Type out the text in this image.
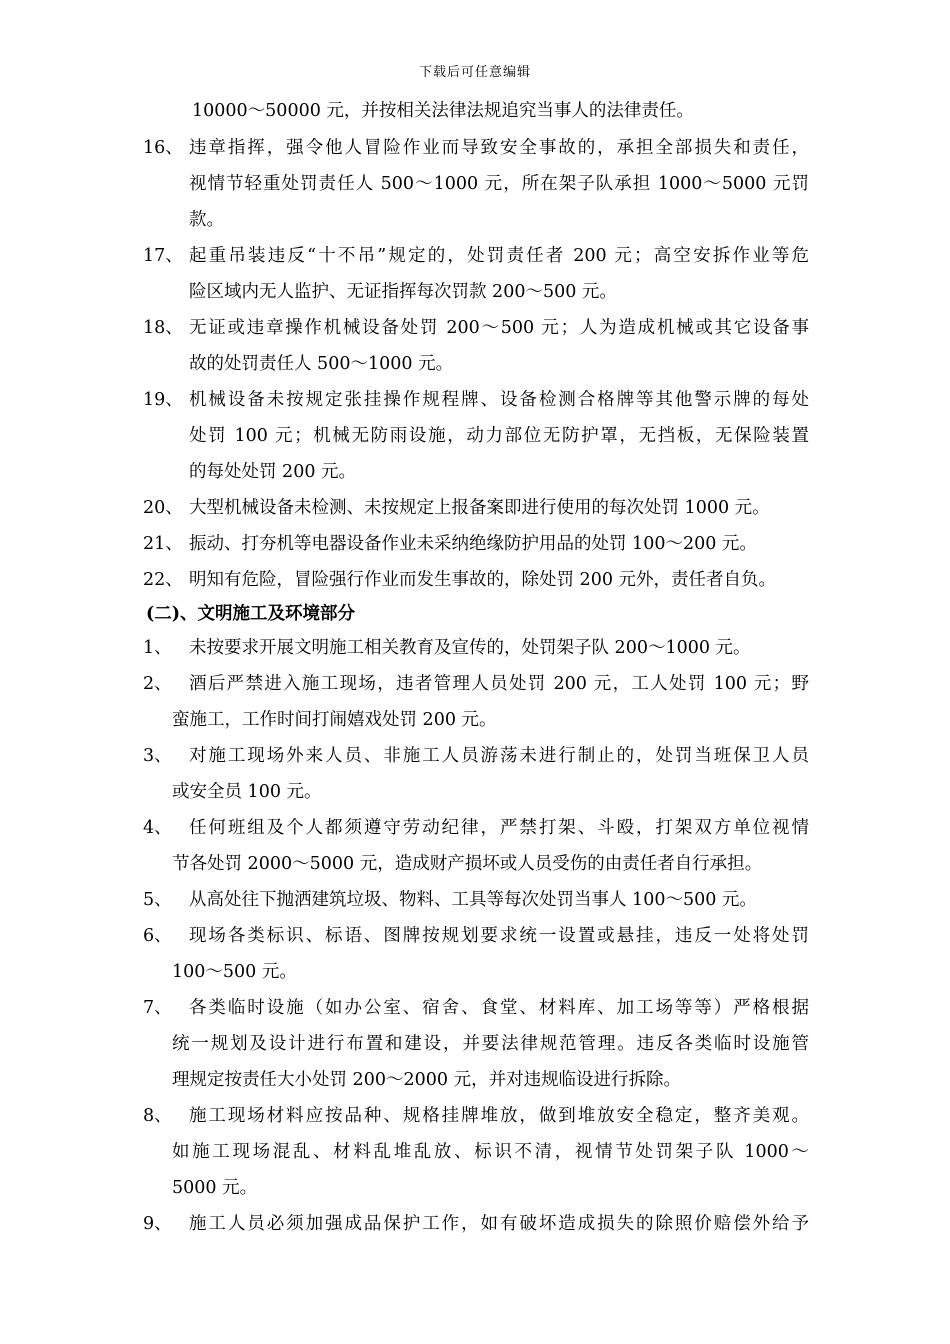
下载后可任意编辑
10000～50000 元，并按相关法律法规追究当事人的法律责任。
16、 违章指挥，强令他人冒险作业而导致安全事故的，承担全部损失和责任，
视情节轻重处罚责任人 500～1000 元，所在架子队承担 1000～5000 元罚
款。
17、 起重吊装违反“十不吊”规定的，处罚责任者 200 元；高空安拆作业等危
险区域内无人监护、无证指挥每次罚款 200～500 元。
18、 无证或违章操作机械设备处罚 200～500 元；人为造成机械或其它设备事
故的处罚责任人 500～1000 元。
19、 机械设备未按规定张挂操作规程牌、设备检测合格牌等其他警示牌的每处
处罚 100 元；机械无防雨设施，动力部位无防护罩，无挡板，无保险装置
的每处处罚 200 元。
20、 大型机械设备未检测、未按规定上报备案即进行使用的每次处罚 1000 元。
21、 振动、打夯机等电器设备作业未采纳绝缘防护用品的处罚 100～200 元。
22、 明知有危险，冒险强行作业而发生事故的，除处罚 200 元外，责任者自负。
(二)、文明施工及环境部分
1、 未按要求开展文明施工相关教育及宣传的，处罚架子队 200～1000 元。
2、 酒后严禁进入施工现场，违者管理人员处罚 200 元，工人处罚 100 元；野
蛮施工，工作时间打闹嬉戏处罚 200 元。
3、 对施工现场外来人员、非施工人员游荡未进行制止的，处罚当班保卫人员
或安全员 100 元。
4、 任何班组及个人都须遵守劳动纪律，严禁打架、斗殴，打架双方单位视情
节各处罚 2000～5000 元，造成财产损坏或人员受伤的由责任者自行承担。
5、 从高处往下抛洒建筑垃圾、物料、工具等每次处罚当事人 100～500 元。
6、 现场各类标识、标语、图牌按规划要求统一设置或悬挂，违反一处将处罚
100～500 元。
7、 各类临时设施（如办公室、宿舍、食堂、材料库、加工场等等）严格根据
统一规划及设计进行布置和建设，并要法律规范管理。违反各类临时设施管
理规定按责任大小处罚 200～2000 元，并对违规临设进行拆除。
8、 施工现场材料应按品种、规格挂牌堆放，做到堆放安全稳定，整齐美观。
如施工现场混乱、材料乱堆乱放、标识不清，视情节处罚架子队 1000～
5000 元。
9、 施工人员必须加强成品保护工作，如有破坏造成损失的除照价赔偿外给予
